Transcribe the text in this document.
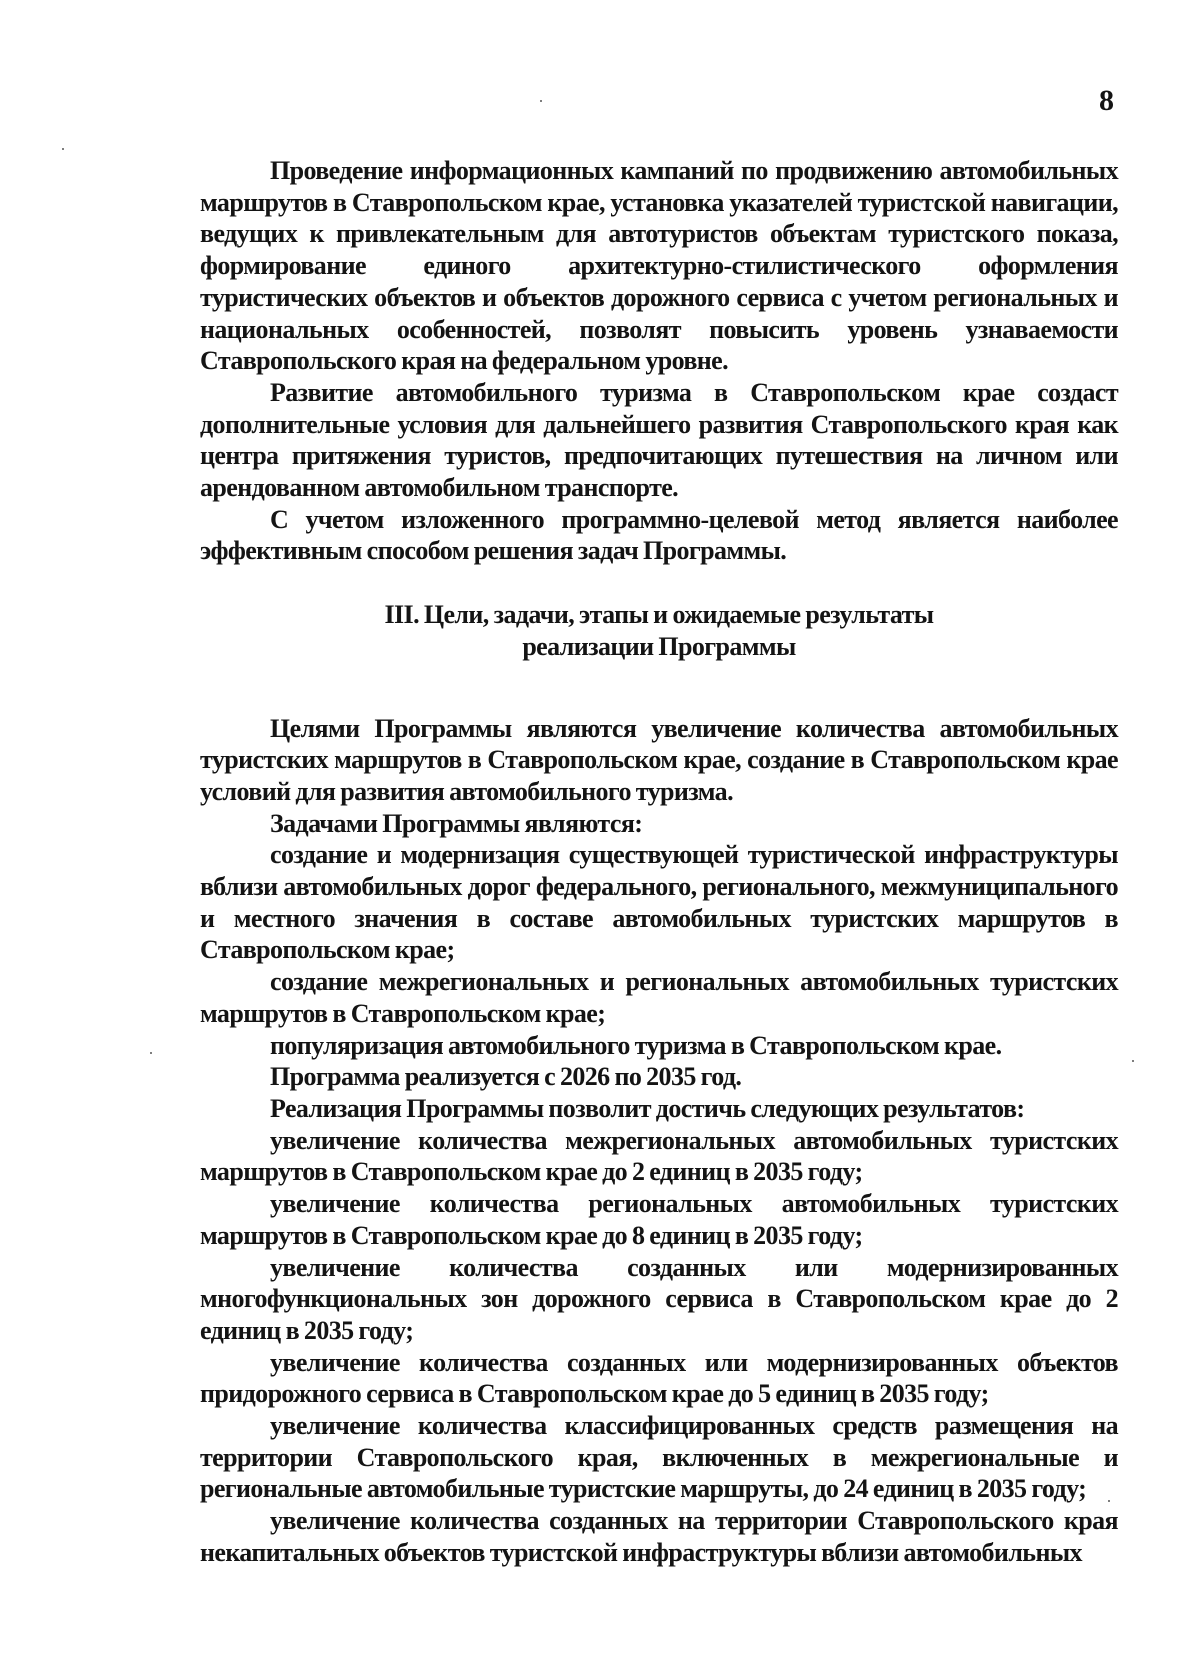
8

Проведение информационных кампаний по продвижению автомобильных маршрутов в Ставропольском крае, установка указателей туристской навигации, ведущих к привлекательным для автотуристов объектам туристского показа, формирование единого архитектурно-стилистического оформления туристических объектов и объектов дорожного сервиса с учетом региональных и национальных особенностей, позволят повысить уровень узнаваемости Ставропольского края на федеральном уровне.

Развитие автомобильного туризма в Ставропольском крае создаст дополнительные условия для дальнейшего развития Ставропольского края как центра притяжения туристов, предпочитающих путешествия на личном или арендованном автомобильном транспорте.

С учетом изложенного программно-целевой метод является наиболее эффективным способом решения задач Программы.

III. Цели, задачи, этапы и ожидаемые результаты
реализации Программы

Целями Программы являются увеличение количества автомобильных туристских маршрутов в Ставропольском крае, создание в Ставропольском крае условий для развития автомобильного туризма.

Задачами Программы являются:

создание и модернизация существующей туристической инфраструктуры вблизи автомобильных дорог федерального, регионального, межмуниципального и местного значения в составе автомобильных туристских маршрутов в Ставропольском крае;

создание межрегиональных и региональных автомобильных туристских маршрутов в Ставропольском крае;

популяризация автомобильного туризма в Ставропольском крае.

Программа реализуется с 2026 по 2035 год.

Реализация Программы позволит достичь следующих результатов:

увеличение количества межрегиональных автомобильных туристских маршрутов в Ставропольском крае до 2 единиц в 2035 году;

увеличение количества региональных автомобильных туристских маршрутов в Ставропольском крае до 8 единиц в 2035 году;

увеличение количества созданных или модернизированных многофункциональных зон дорожного сервиса в Ставропольском крае до 2 единиц в 2035 году;

увеличение количества созданных или модернизированных объектов придорожного сервиса в Ставропольском крае до 5 единиц в 2035 году;

увеличение количества классифицированных средств размещения на территории Ставропольского края, включенных в межрегиональные и региональные автомобильные туристские маршруты, до 24 единиц в 2035 году;

увеличение количества созданных на территории Ставропольского края некапитальных объектов туристской инфраструктуры вблизи автомобильных
